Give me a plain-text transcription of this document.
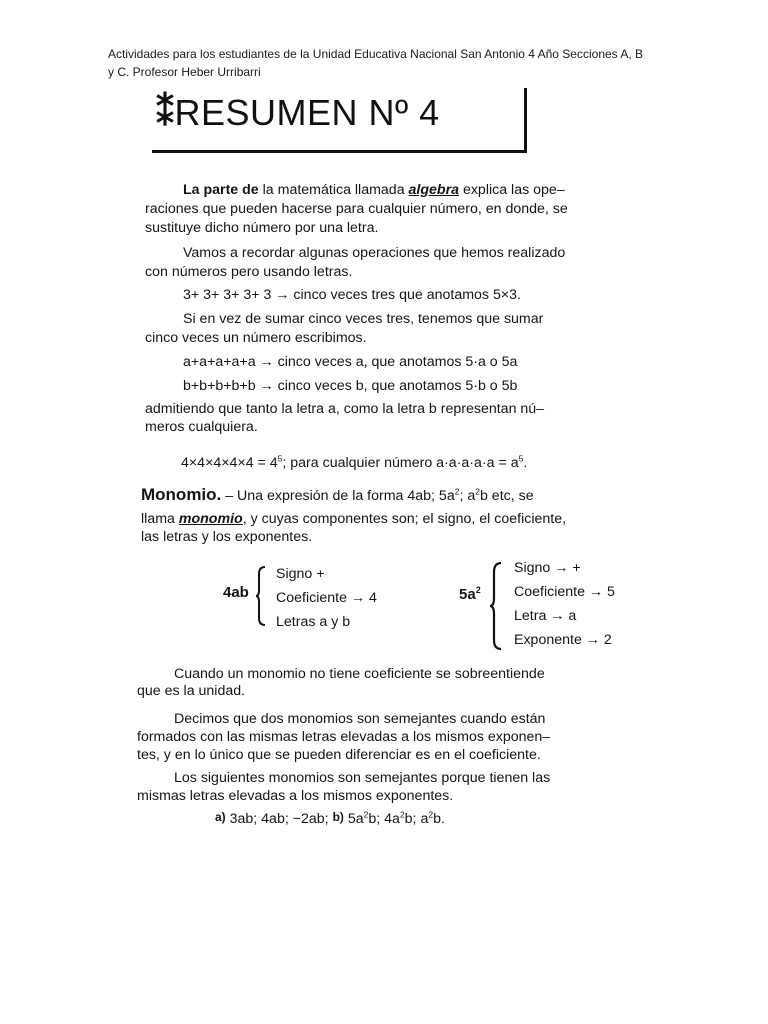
Actividades para los estudiantes de la Unidad Educativa Nacional San Antonio 4 Año Secciones A, B
y C. Profesor Heber Urribarri
⁑RESUMEN Nº 4
La parte de la matemática llamada algebra explica las ope–
raciones que pueden hacerse para cualquier número, en donde, se
sustituye dicho número por una letra.
Vamos a recordar algunas operaciones que hemos realizado
con números pero usando letras.
3+ 3+ 3+ 3+ 3 → cinco veces tres que anotamos 5×3.
Si en vez de sumar cinco veces tres, tenemos que sumar
cinco veces un número escribimos.
a+a+a+a+a → cinco veces a, que anotamos 5·a o 5a
b+b+b+b+b → cinco veces b, que anotamos 5·b o 5b
admitiendo que tanto la letra a, como la letra b representan nú–
meros cualquiera.
$4\times 4\times 4\times 4\times 4 = 4^5$; para cualquier número $a\cdot a\cdot a\cdot a\cdot a = a^5$.
Monomio. – Una expresión de la forma 4ab; $5a^2$; $a^2b$ etc, se
llama monomio, y cuyas componentes son; el signo, el coeficiente,
las letras y los exponentes.
4ab
Signo +
Coeficiente → 4
Letras a y b
$5a^2$
Signo → +
Coeficiente → 5
Letra → a
Exponente → 2
Cuando un monomio no tiene coeficiente se sobreentiende
que es la unidad.
Decimos que dos monomios son semejantes cuando están
formados con las mismas letras elevadas a los mismos exponen–
tes, y en lo único que se pueden diferenciar es en el coeficiente.
Los siguientes monomios son semejantes porque tienen las
mismas letras elevadas a los mismos exponentes.
a) 3ab; 4ab; −2ab; b) $5a^2b$; $4a^2b$; $a^2b$.
